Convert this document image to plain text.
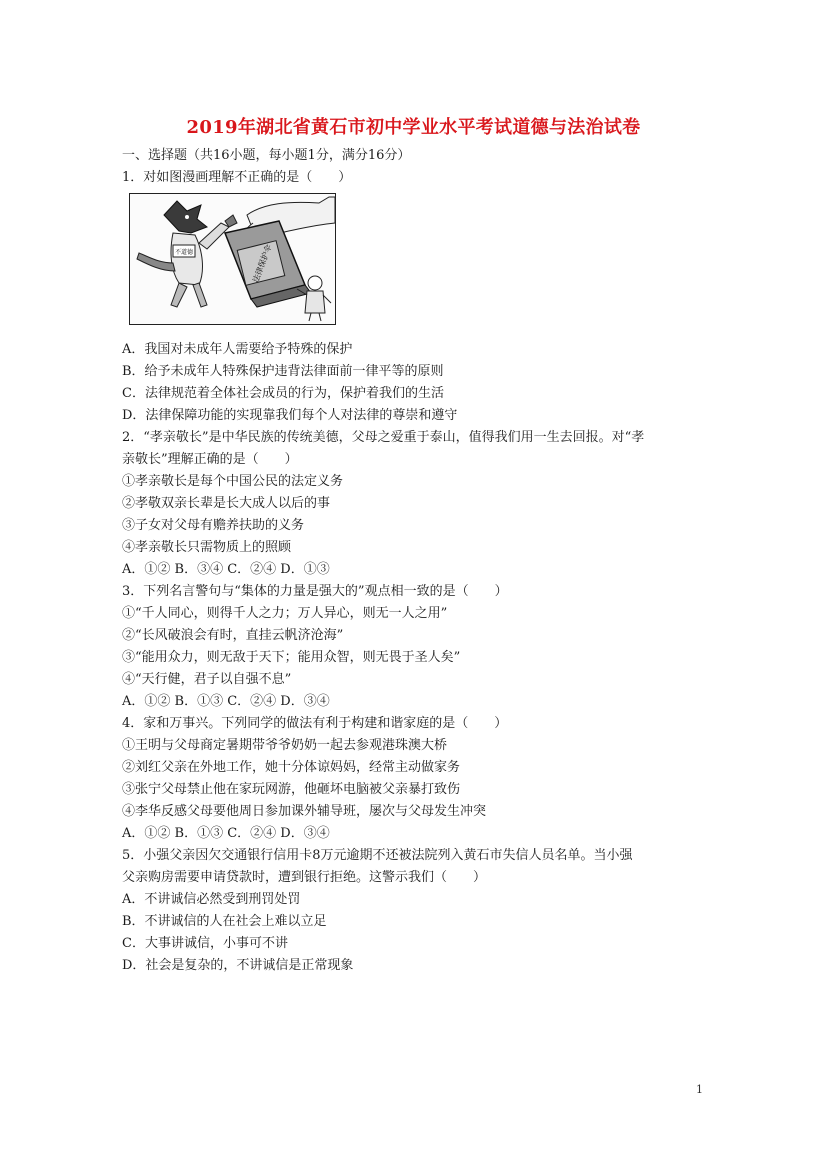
2019年湖北省黄石市初中学业水平考试道德与法治试卷
一、选择题（共16小题，每小题1分，满分16分）
1．对如图漫画理解不正确的是（　　）
不道德	法律保护伞
A．我国对未成年人需要给予特殊的保护
B．给予未成年人特殊保护违背法律面前一律平等的原则
C．法律规范着全体社会成员的行为，保护着我们的生活
D．法律保障功能的实现靠我们每个人对法律的尊崇和遵守
2．“孝亲敬长”是中华民族的传统美德，父母之爱重于泰山，值得我们用一生去回报。对“孝
亲敬长”理解正确的是（　　）
①孝亲敬长是每个中国公民的法定义务
②孝敬双亲长辈是长大成人以后的事
③子女对父母有赡养扶助的义务
④孝亲敬长只需物质上的照顾
A．①② B．③④ C．②④ D．①③
3．下列名言警句与“集体的力量是强大的”观点相一致的是（　　）
①“千人同心，则得千人之力；万人异心，则无一人之用”
②“长风破浪会有时，直挂云帆济沧海”
③“能用众力，则无敌于天下；能用众智，则无畏于圣人矣”
④“天行健，君子以自强不息”
A．①② B．①③ C．②④ D．③④
4．家和万事兴。下列同学的做法有利于构建和谐家庭的是（　　）
①王明与父母商定暑期带爷爷奶奶一起去参观港珠澳大桥
②刘红父亲在外地工作，她十分体谅妈妈，经常主动做家务
③张宁父母禁止他在家玩网游，他砸坏电脑被父亲暴打致伤
④李华反感父母要他周日参加课外辅导班，屡次与父母发生冲突
A．①② B．①③ C．②④ D．③④
5．小强父亲因欠交通银行信用卡8万元逾期不还被法院列入黄石市失信人员名单。当小强
父亲购房需要申请贷款时，遭到银行拒绝。这警示我们（　　）
A．不讲诚信必然受到刑罚处罚
B．不讲诚信的人在社会上难以立足
C．大事讲诚信，小事可不讲
D．社会是复杂的，不讲诚信是正常现象
1
